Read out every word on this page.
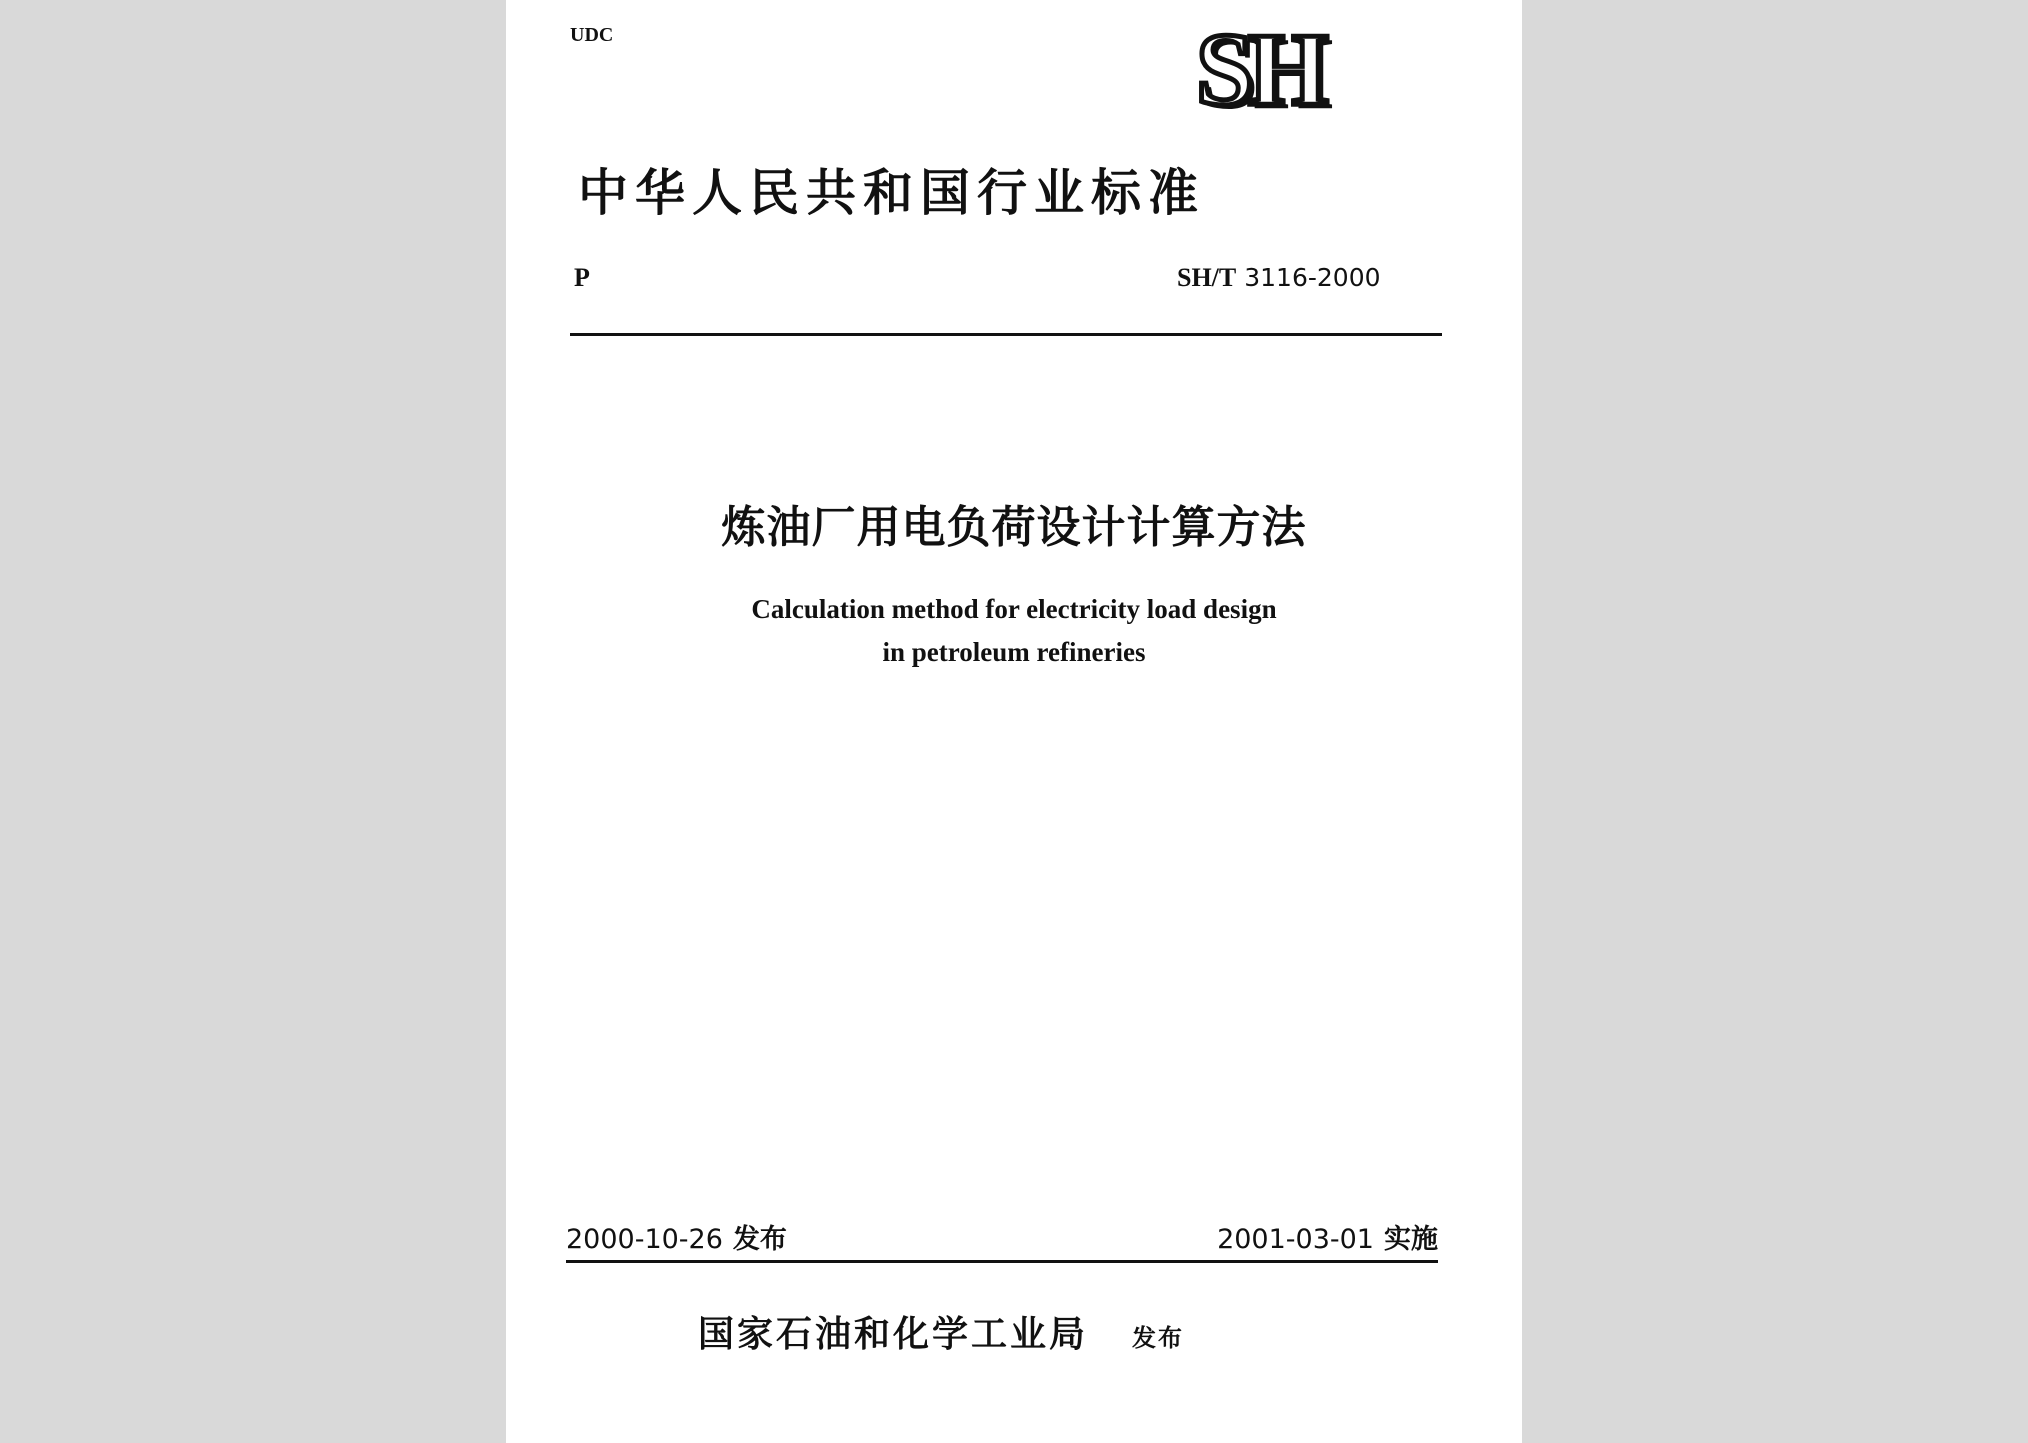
UDC	SH
中华人民共和国行业标准
P	SH/T 3116-2000
炼油厂用电负荷设计计算方法
Calculation method for electricity load design
in petroleum refineries
2000-10-26 发布	2001-03-01 实施
国家石油和化学工业局 发布
